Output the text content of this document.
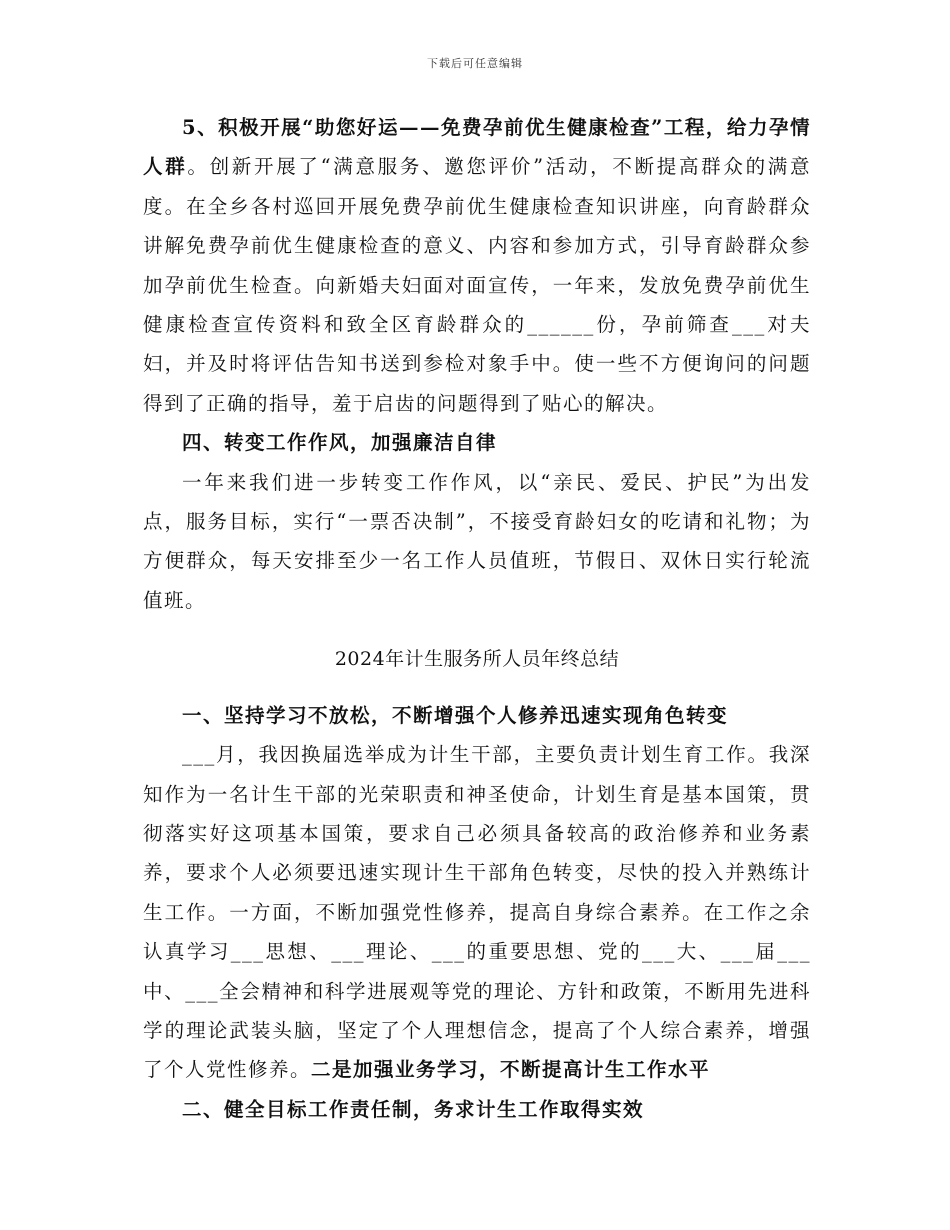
下载后可任意编辑

5、积极开展“助您好运——免费孕前优生健康检查”工程，给力孕情人群。创新开展了“满意服务、邀您评价”活动，不断提高群众的满意度。在全乡各村巡回开展免费孕前优生健康检查知识讲座，向育龄群众讲解免费孕前优生健康检查的意义、内容和参加方式，引导育龄群众参加孕前优生检查。向新婚夫妇面对面宣传，一年来，发放免费孕前优生健康检查宣传资料和致全区育龄群众的______份，孕前筛查___对夫妇，并及时将评估告知书送到参检对象手中。使一些不方便询问的问题得到了正确的指导，羞于启齿的问题得到了贴心的解决。

四、转变工作作风，加强廉洁自律

一年来我们进一步转变工作作风，以“亲民、爱民、护民”为出发点，服务目标，实行“一票否决制”，不接受育龄妇女的吃请和礼物；为方便群众，每天安排至少一名工作人员值班，节假日、双休日实行轮流值班。

2024年计生服务所人员年终总结

一、坚持学习不放松，不断增强个人修养迅速实现角色转变

___月，我因换届选举成为计生干部，主要负责计划生育工作。我深知作为一名计生干部的光荣职责和神圣使命，计划生育是基本国策，贯彻落实好这项基本国策，要求自己必须具备较高的政治修养和业务素养，要求个人必须要迅速实现计生干部角色转变，尽快的投入并熟练计生工作。一方面，不断加强党性修养，提高自身综合素养。在工作之余认真学习___思想、___理论、___的重要思想、党的___大、___届___中、___全会精神和科学进展观等党的理论、方针和政策，不断用先进科学的理论武装头脑，坚定了个人理想信念，提高了个人综合素养，增强了个人党性修养。二是加强业务学习，不断提高计生工作水平

二、健全目标工作责任制，务求计生工作取得实效
